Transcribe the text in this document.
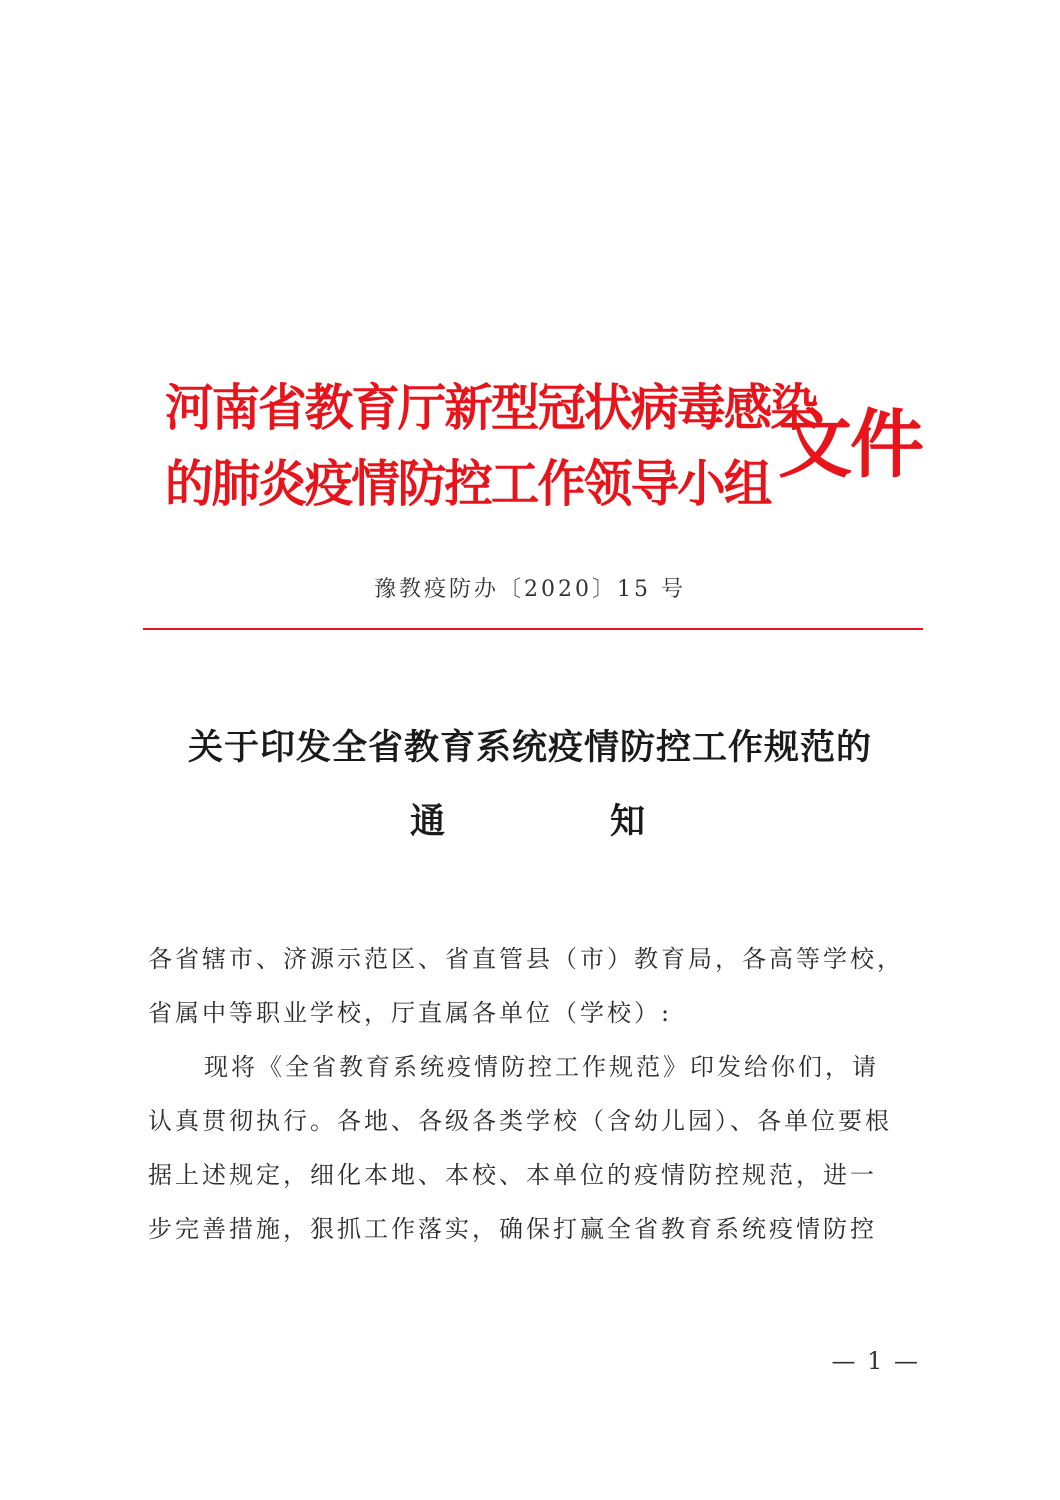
河南省教育厅新型冠状病毒感染
的肺炎疫情防控工作领导小组 文件
豫教疫防办〔2020〕15 号
关于印发全省教育系统疫情防控工作规范的
通	知

各省辖市、济源示范区、省直管县（市）教育局，各高等学校，

省属中等职业学校，厅直属各单位（学校）:

现将《全省教育系统疫情防控工作规范》印发给你们，请

认真贯彻执行。各地、各级各类学校（含幼儿园）、各单位要根

据上述规定，细化本地、本校、本单位的疫情防控规范，进一

步完善措施，狠抓工作落实，确保打赢全省教育系统疫情防控

— 1 —
